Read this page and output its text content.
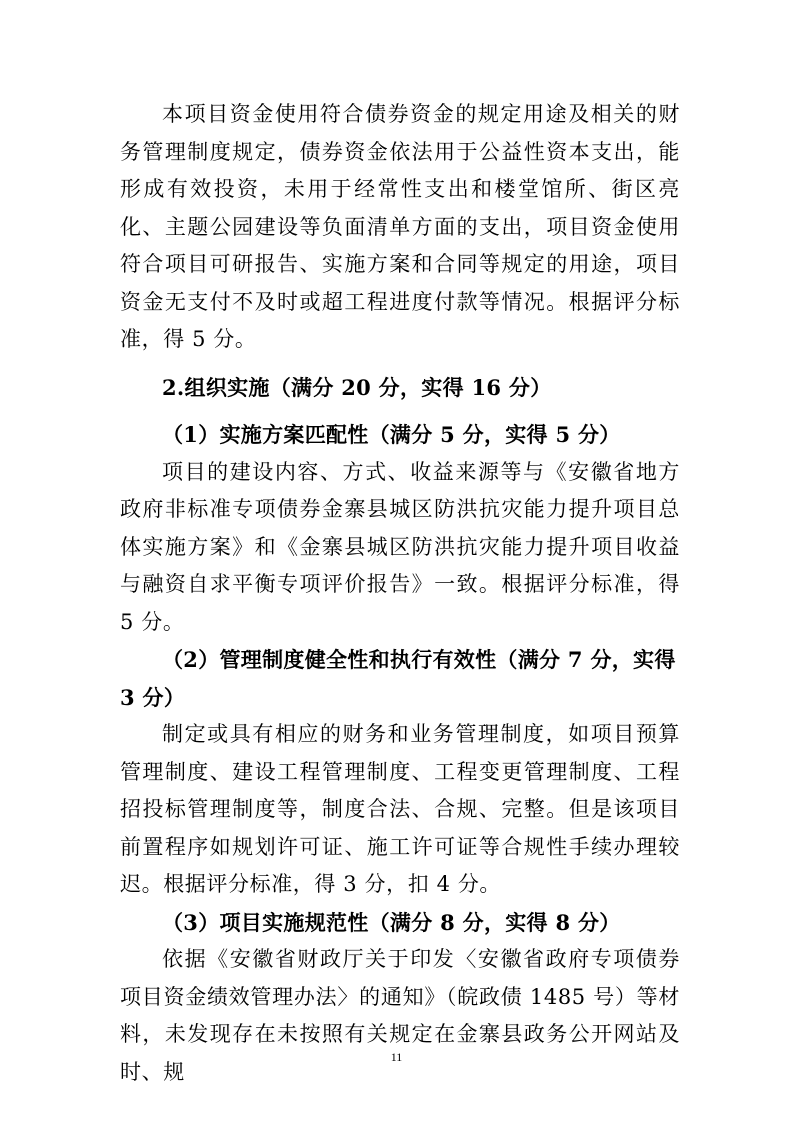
本项目资金使用符合债券资金的规定用途及相关的财务管理制度规定，债券资金依法用于公益性资本支出，能形成有效投资，未用于经常性支出和楼堂馆所、街区亮化、主题公园建设等负面清单方面的支出，项目资金使用符合项目可研报告、实施方案和合同等规定的用途，项目资金无支付不及时或超工程进度付款等情况。根据评分标准，得 5 分。

2.组织实施（满分 20 分，实得 16 分）

（1）实施方案匹配性（满分 5 分，实得 5 分）

项目的建设内容、方式、收益来源等与《安徽省地方政府非标准专项债券金寨县城区防洪抗灾能力提升项目总体实施方案》和《金寨县城区防洪抗灾能力提升项目收益与融资自求平衡专项评价报告》一致。根据评分标准，得 5 分。

（2）管理制度健全性和执行有效性（满分 7 分，实得 3 分）

制定或具有相应的财务和业务管理制度，如项目预算管理制度、建设工程管理制度、工程变更管理制度、工程招投标管理制度等，制度合法、合规、完整。但是该项目前置程序如规划许可证、施工许可证等合规性手续办理较迟。根据评分标准，得 3 分，扣 4 分。

（3）项目实施规范性（满分 8 分，实得 8 分）

依据《安徽省财政厅关于印发〈安徽省政府专项债券项目资金绩效管理办法〉的通知》（皖政债 1485 号）等材料，未发现存在未按照有关规定在金寨县政务公开网站及时、规

11
